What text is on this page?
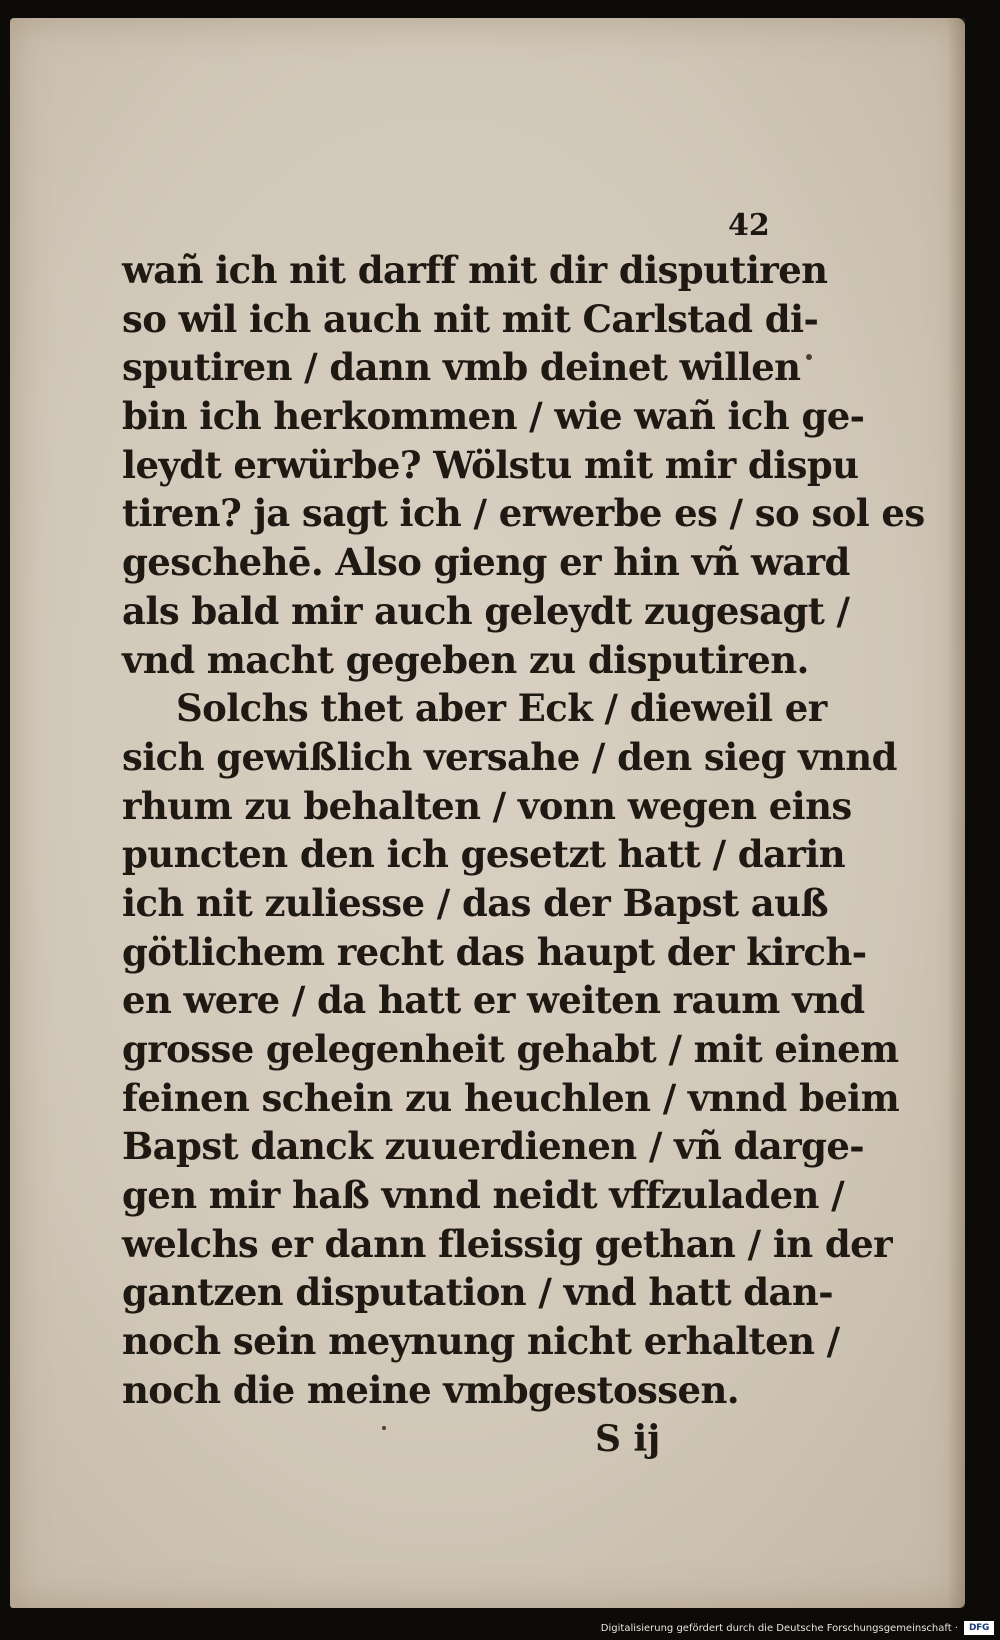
42
wañ ich nit darff mit dir disputiren
so wil ich auch nit mit Carlstad di-
sputiren / dann vmb deinet willen
bin ich herkommen / wie wañ ich ge-
leydt erwürbe? Wölstu mit mir dispu
tiren? ja sagt ich / erwerbe es / so sol es
geschehē. Also gieng er hin vñ ward
als bald mir auch geleydt zugesagt /
vnd macht gegeben zu disputiren.
Solchs thet aber Eck / dieweil er
sich gewißlich versahe / den sieg vnnd
rhum zu behalten / vonn wegen eins
puncten den ich gesetzt hatt / darin
ich nit zuliesse / das der Bapst auß
götlichem recht das haupt der kirch-
en were / da hatt er weiten raum vnd
grosse gelegenheit gehabt / mit einem
feinen schein zu heuchlen / vnnd beim
Bapst danck zuuerdienen / vñ darge-
gen mir haß vnnd neidt vffzuladen /
welchs er dann fleissig gethan / in der
gantzen disputation / vnd hatt dan-
noch sein meynung nicht erhalten /
noch die meine vmbgestossen.
S ij
Digitalisierung gefördert durch die Deutsche Forschungsgemeinschaft ·	DFG
